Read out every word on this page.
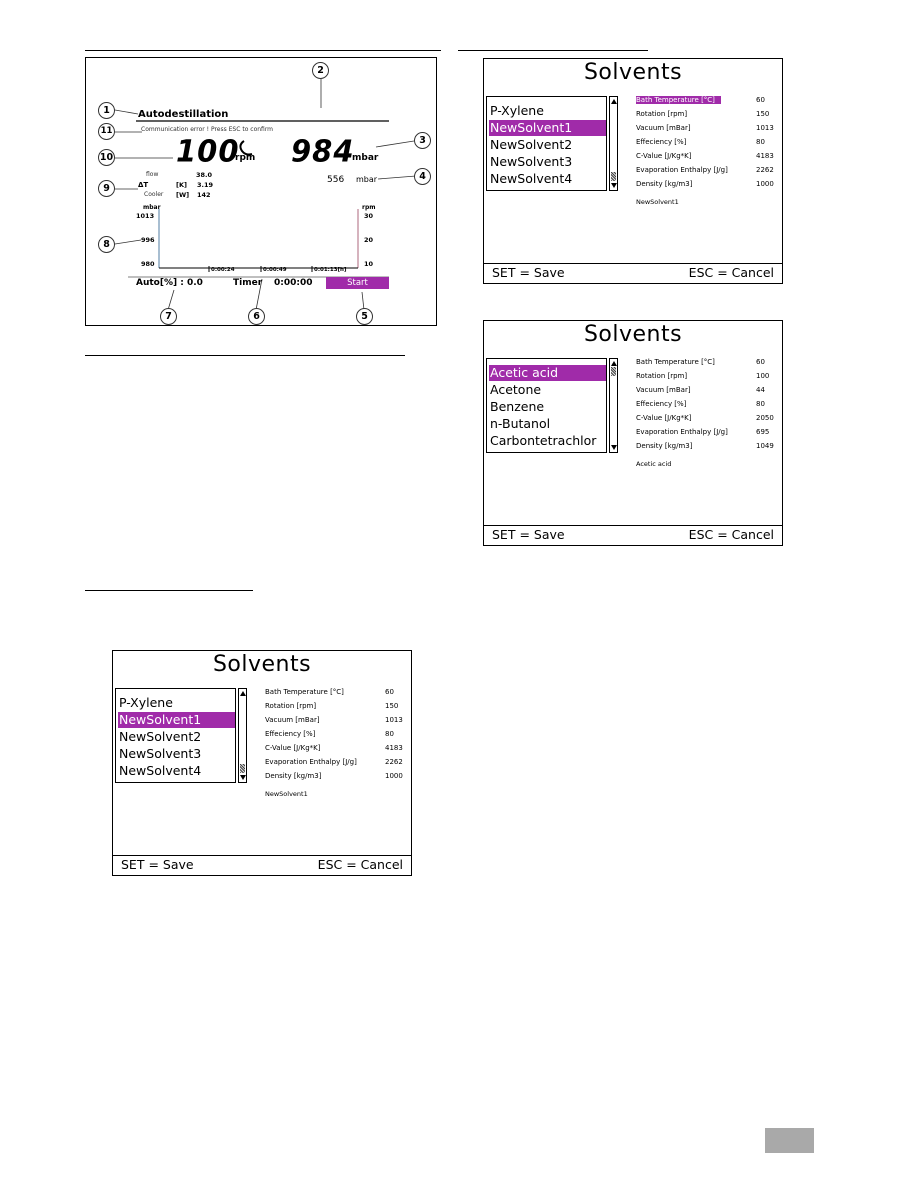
Autodestillation
Communication error ! Press ESC to confirm
100
rpm 984
mbar
556 mbar
flow	38.0
ΔT	[K] 3.19
Cooler [W] 142
mbar
1013
996
980
rpm
30
20
10
0:00:24	0:00:49	0:01:13[h]
Auto[%] : 0.0	Timer 0:00:00	Start
1
2
3
4
5
6
7
8
9
10
11
Solvents
P-Xylene
NewSolvent1
NewSolvent2
NewSolvent3
NewSolvent4
Bath Temperature [°C]	60
Rotation [rpm]	150
Vacuum [mBar]	1013
Effeciency [%]	80
C-Value [J/Kg*K]	4183
Evaporation Enthalpy [J/g]	2262
Density [kg/m3]	1000
NewSolvent1
SET = Save	ESC = Cancel
Solvents
Acetic acid
Acetone
Benzene
n-Butanol
Carbontetrachlor
Bath Temperature [°C]	60
Rotation [rpm]	100
Vacuum [mBar]	44
Effeciency [%]	80
C-Value [J/Kg*K]	2050
Evaporation Enthalpy [J/g]	695
Density [kg/m3]	1049
Acetic acid
SET = Save	ESC = Cancel
Solvents
P-Xylene
NewSolvent1
NewSolvent2
NewSolvent3
NewSolvent4
Bath Temperature [°C]	60
Rotation [rpm]	150
Vacuum [mBar]	1013
Effeciency [%]	80
C-Value [J/Kg*K]	4183
Evaporation Enthalpy [J/g]	2262
Density [kg/m3]	1000
NewSolvent1
SET = Save	ESC = Cancel
